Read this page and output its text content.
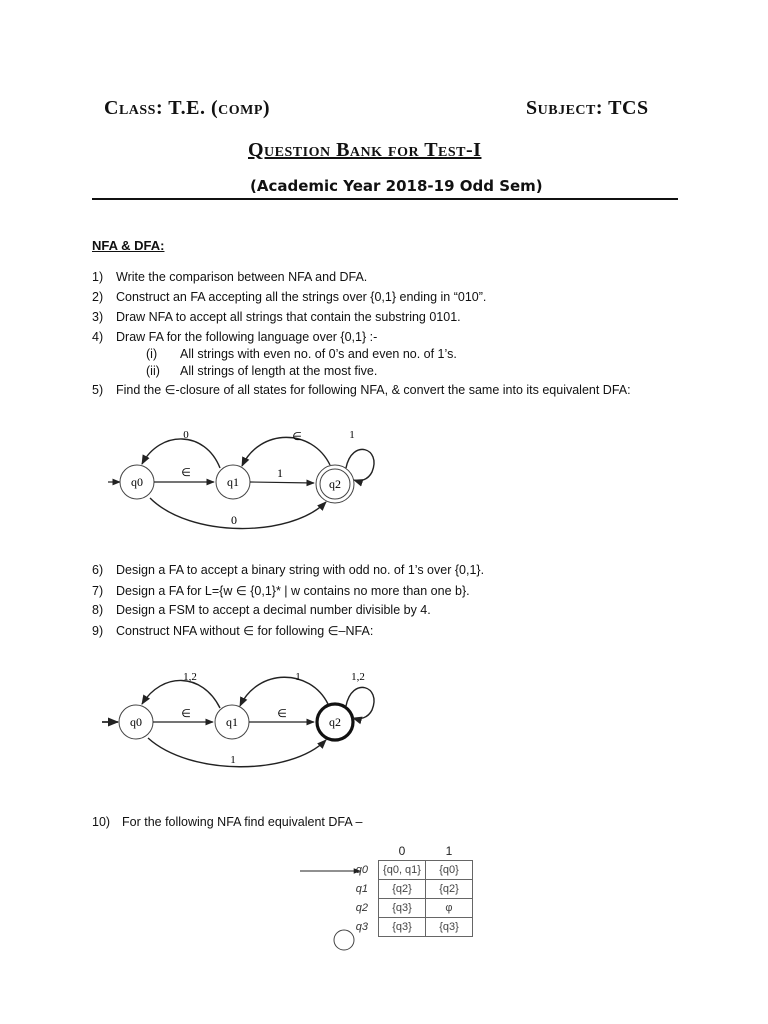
Class: T.E. (comp)	Subject: TCS
Question Bank for Test-I
(Academic Year 2018-19 Odd Sem)
NFA & DFA:
1) Write the comparison between NFA and DFA.
2) Construct an FA accepting all the strings over {0,1} ending in “010”.
3) Draw NFA to accept all strings that contain the substring 0101.
4) Draw FA for the following language over {0,1} :-
(i) All strings with even no. of 0’s and even no. of 1’s.
(ii) All strings of length at the most five.
5) Find the ∈-closure of all states for following NFA, & convert the same into its equivalent DFA:
q0	q1	q2
∈
0
1
∈	1
0
6) Design a FA to accept a binary string with odd no. of 1’s over {0,1}.
7) Design a FA for L={w ∈ {0,1}* | w contains no more than one b}.
8) Design a FSM to accept a decimal number divisible by 4.
9) Construct NFA without ∈ for following ∈–NFA:
q0	q1	q2
∈
1,2
∈
1	1,2
1
10) For the following NFA find equivalent DFA –
	0	1
q0	{q0, q1}	{q0}
q1	{q2}	{q2}
q2	{q3}	φ
q3	{q3}	{q3}
